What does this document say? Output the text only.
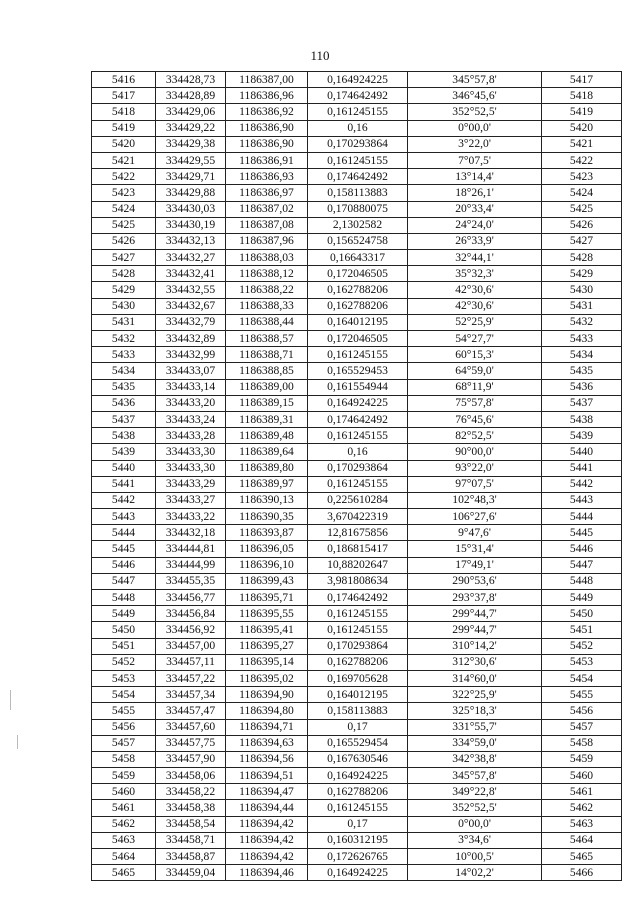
110
5416	334428,73	1186387,00	0,164924225	345°57,8'	5417
5417	334428,89	1186386,96	0,174642492	346°45,6'	5418
5418	334429,06	1186386,92	0,161245155	352°52,5'	5419
5419	334429,22	1186386,90	0,16	0°00,0'	5420
5420	334429,38	1186386,90	0,170293864	3°22,0'	5421
5421	334429,55	1186386,91	0,161245155	7°07,5'	5422
5422	334429,71	1186386,93	0,174642492	13°14,4'	5423
5423	334429,88	1186386,97	0,158113883	18°26,1'	5424
5424	334430,03	1186387,02	0,170880075	20°33,4'	5425
5425	334430,19	1186387,08	2,1302582	24°24,0'	5426
5426	334432,13	1186387,96	0,156524758	26°33,9'	5427
5427	334432,27	1186388,03	0,16643317	32°44,1'	5428
5428	334432,41	1186388,12	0,172046505	35°32,3'	5429
5429	334432,55	1186388,22	0,162788206	42°30,6'	5430
5430	334432,67	1186388,33	0,162788206	42°30,6'	5431
5431	334432,79	1186388,44	0,164012195	52°25,9'	5432
5432	334432,89	1186388,57	0,172046505	54°27,7'	5433
5433	334432,99	1186388,71	0,161245155	60°15,3'	5434
5434	334433,07	1186388,85	0,165529453	64°59,0'	5435
5435	334433,14	1186389,00	0,161554944	68°11,9'	5436
5436	334433,20	1186389,15	0,164924225	75°57,8'	5437
5437	334433,24	1186389,31	0,174642492	76°45,6'	5438
5438	334433,28	1186389,48	0,161245155	82°52,5'	5439
5439	334433,30	1186389,64	0,16	90°00,0'	5440
5440	334433,30	1186389,80	0,170293864	93°22,0'	5441
5441	334433,29	1186389,97	0,161245155	97°07,5'	5442
5442	334433,27	1186390,13	0,225610284	102°48,3'	5443
5443	334433,22	1186390,35	3,670422319	106°27,6'	5444
5444	334432,18	1186393,87	12,81675856	9°47,6'	5445
5445	334444,81	1186396,05	0,186815417	15°31,4'	5446
5446	334444,99	1186396,10	10,88202647	17°49,1'	5447
5447	334455,35	1186399,43	3,981808634	290°53,6'	5448
5448	334456,77	1186395,71	0,174642492	293°37,8'	5449
5449	334456,84	1186395,55	0,161245155	299°44,7'	5450
5450	334456,92	1186395,41	0,161245155	299°44,7'	5451
5451	334457,00	1186395,27	0,170293864	310°14,2'	5452
5452	334457,11	1186395,14	0,162788206	312°30,6'	5453
5453	334457,22	1186395,02	0,169705628	314°60,0'	5454
5454	334457,34	1186394,90	0,164012195	322°25,9'	5455
5455	334457,47	1186394,80	0,158113883	325°18,3'	5456
5456	334457,60	1186394,71	0,17	331°55,7'	5457
5457	334457,75	1186394,63	0,165529454	334°59,0'	5458
5458	334457,90	1186394,56	0,167630546	342°38,8'	5459
5459	334458,06	1186394,51	0,164924225	345°57,8'	5460
5460	334458,22	1186394,47	0,162788206	349°22,8'	5461
5461	334458,38	1186394,44	0,161245155	352°52,5'	5462
5462	334458,54	1186394,42	0,17	0°00,0'	5463
5463	334458,71	1186394,42	0,160312195	3°34,6'	5464
5464	334458,87	1186394,42	0,172626765	10°00,5'	5465
5465	334459,04	1186394,46	0,164924225	14°02,2'	5466
